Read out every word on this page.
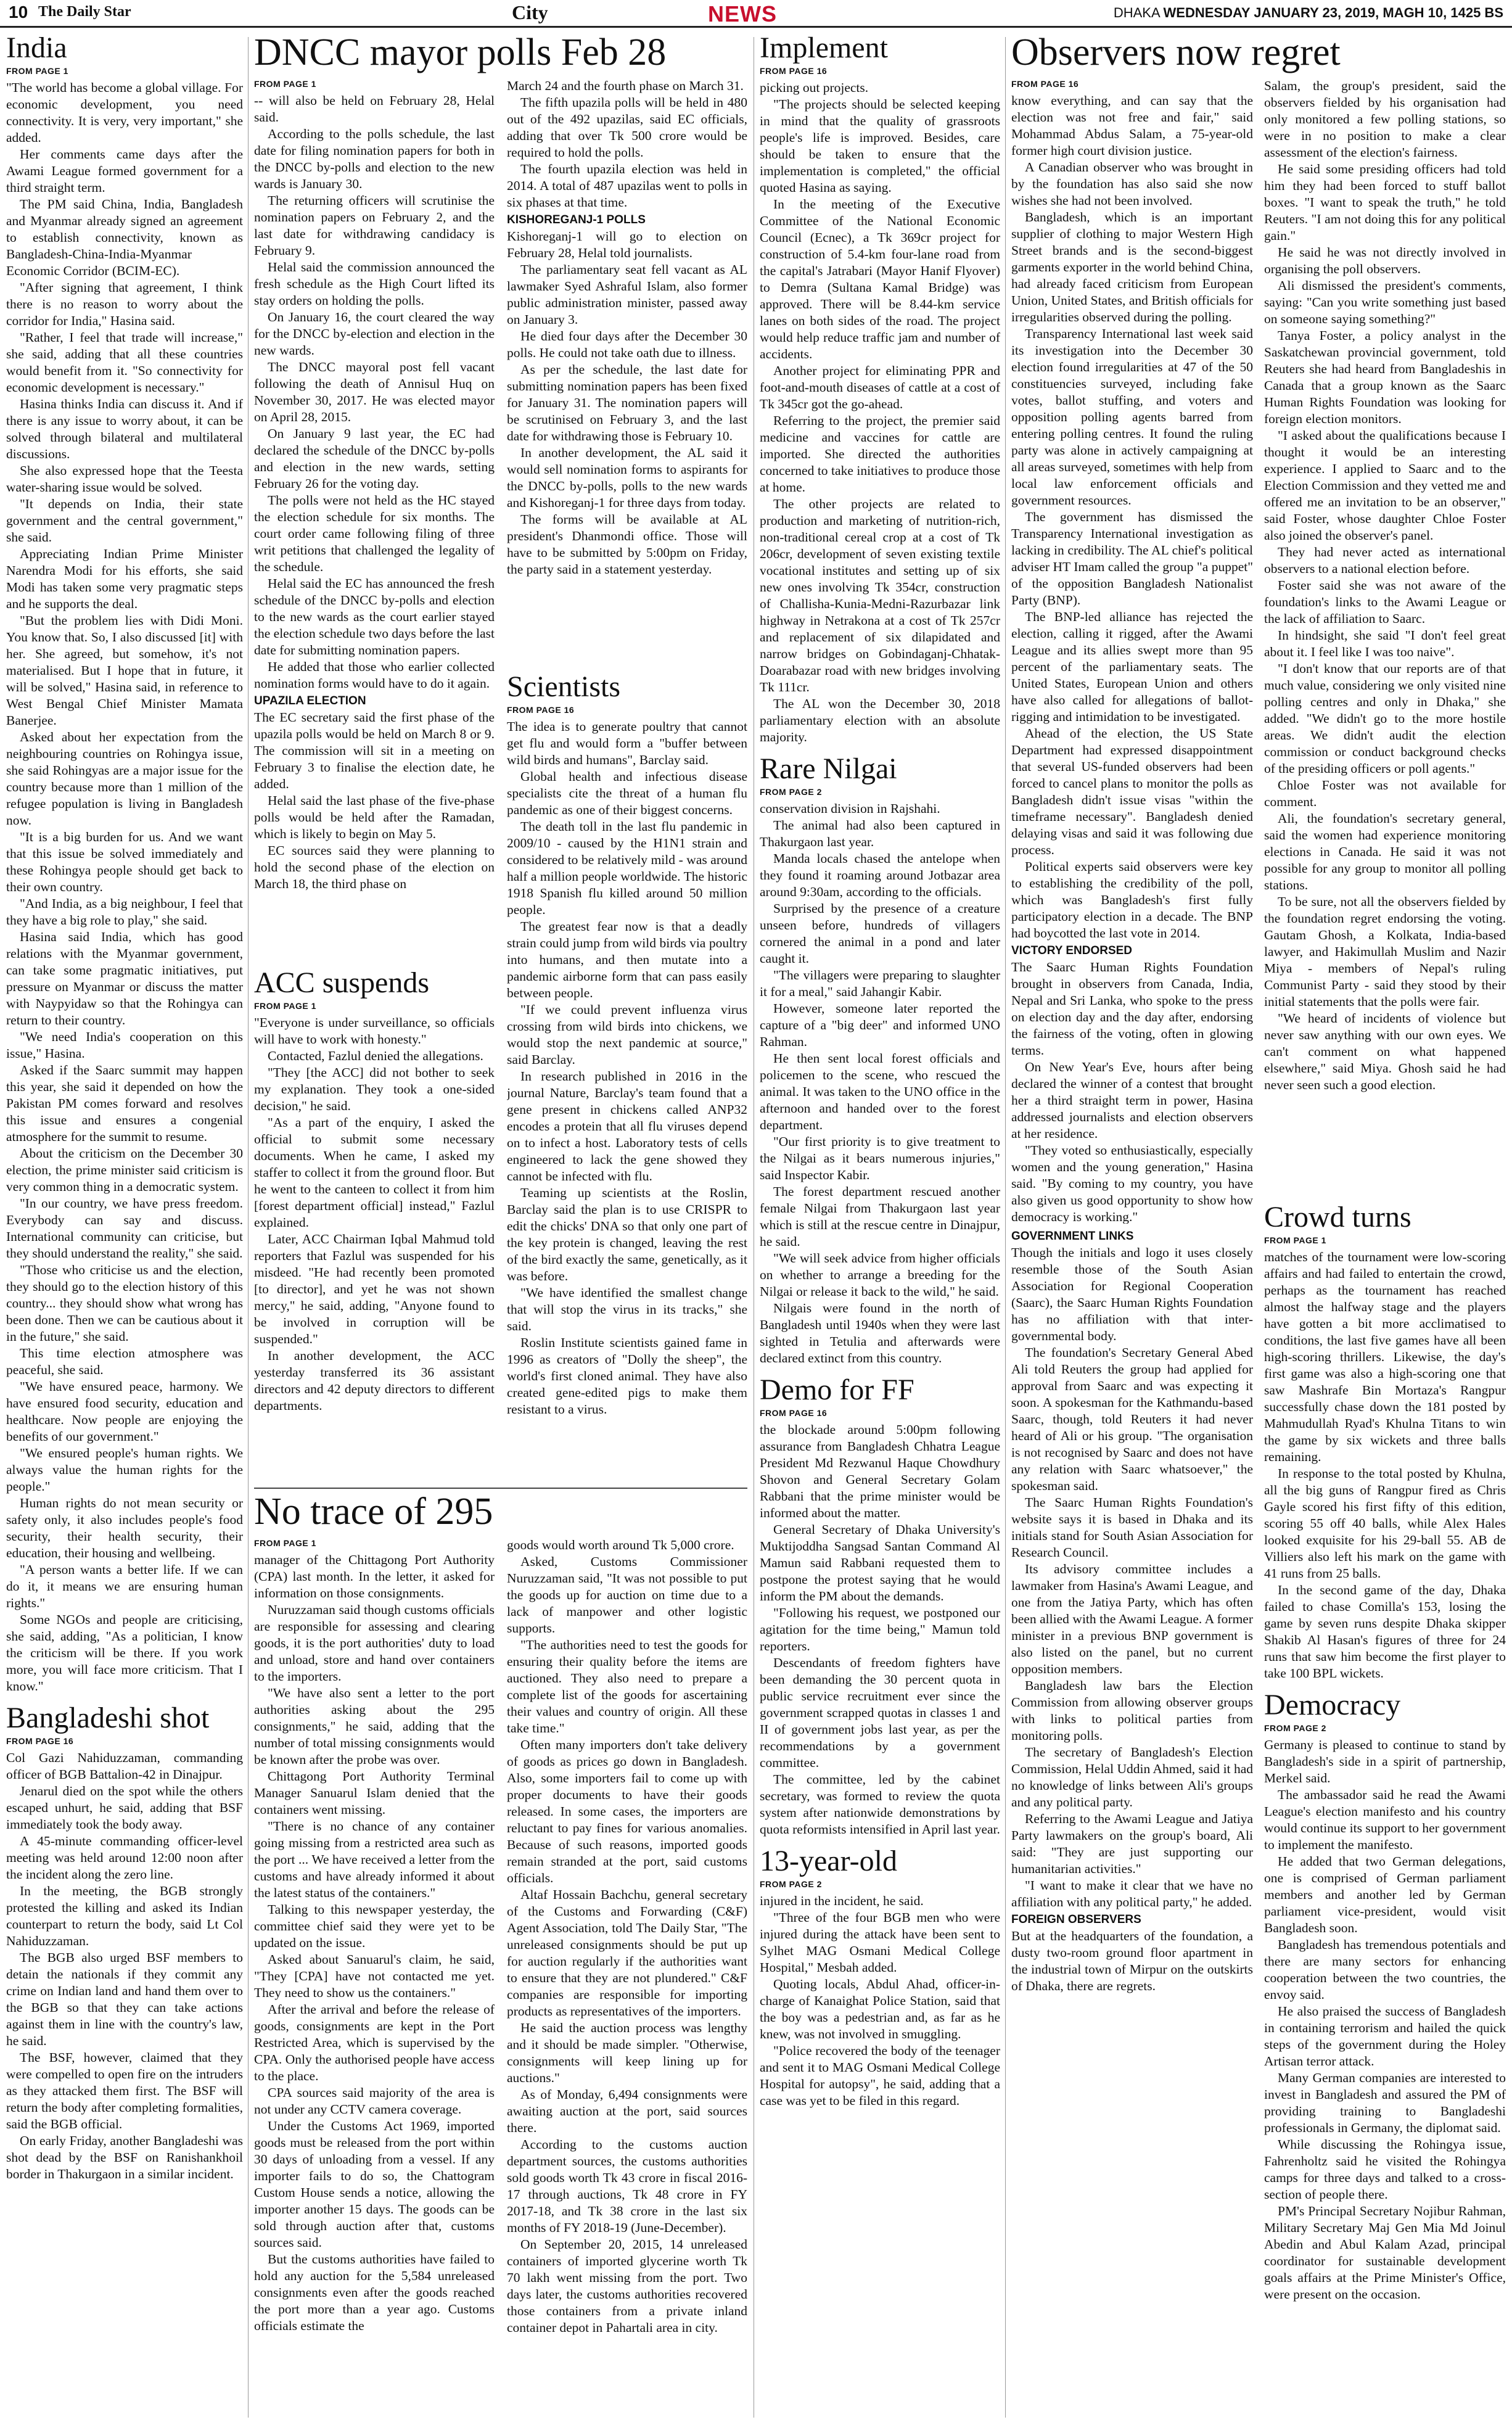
10 The Daily Star	City	NEWS	DHAKA WEDNESDAY JANUARY 23, 2019, MAGH 10, 1425 BS
India
FROM PAGE 1

"The world has become a global village. For economic development, you need connectivity. It is very, very important," she added.

Her comments came days after the Awami League formed government for a third straight term.

The PM said China, India, Bangladesh and Myanmar already signed an agreement to establish connectivity, known as Bangladesh-China-India-Myanmar Economic Corridor (BCIM-EC).

"After signing that agreement, I think there is no reason to worry about the corridor for India," Hasina said.

"Rather, I feel that trade will increase," she said, adding that all these countries would benefit from it. "So connectivity for economic development is necessary."

Hasina thinks India can discuss it. And if there is any issue to worry about, it can be solved through bilateral and multilateral discussions.

She also expressed hope that the Teesta water-sharing issue would be solved.

"It depends on India, their state government and the central government," she said.

Appreciating Indian Prime Minister Narendra Modi for his efforts, she said Modi has taken some very pragmatic steps and he supports the deal.

"But the problem lies with Didi Moni. You know that. So, I also discussed [it] with her. She agreed, but somehow, it's not materialised. But I hope that in future, it will be solved," Hasina said, in reference to West Bengal Chief Minister Mamata Banerjee.

Asked about her expectation from the neighbouring countries on Rohingya issue, she said Rohingyas are a major issue for the country because more than 1 million of the refugee population is living in Bangladesh now.

"It is a big burden for us. And we want that this issue be solved immediately and these Rohingya people should get back to their own country.

"And India, as a big neighbour, I feel that they have a big role to play," she said.

Hasina said India, which has good relations with the Myanmar government, can take some pragmatic initiatives, put pressure on Myanmar or discuss the matter with Naypyidaw so that the Rohingya can return to their country.

"We need India's cooperation on this issue," Hasina.

Asked if the Saarc summit may happen this year, she said it depended on how the Pakistan PM comes forward and resolves this issue and ensures a congenial atmosphere for the summit to resume.

About the criticism on the December 30 election, the prime minister said criticism is very common thing in a democratic system.

"In our country, we have press freedom. Everybody can say and discuss. International community can criticise, but they should understand the reality," she said.

"Those who criticise us and the election, they should go to the election history of this country... they should show what wrong has been done. Then we can be cautious about it in the future," she said.

This time election atmosphere was peaceful, she said.

"We have ensured peace, harmony. We have ensured food security, education and healthcare. Now people are enjoying the benefits of our government."

"We ensured people's human rights. We always value the human rights for the people."

Human rights do not mean security or safety only, it also includes people's food security, their health security, their education, their housing and wellbeing.

"A person wants a better life. If we can do it, it means we are ensuring human rights."

Some NGOs and people are criticising, she said, adding, "As a politician, I know the criticism will be there. If you work more, you will face more criticism. That I know."

Bangladeshi shot
FROM PAGE 16

Col Gazi Nahiduzzaman, commanding officer of BGB Battalion-42 in Dinajpur.

Jenarul died on the spot while the others escaped unhurt, he said, adding that BSF immediately took the body away.

A 45-minute commanding officer-level meeting was held around 12:00 noon after the incident along the zero line.

In the meeting, the BGB strongly protested the killing and asked its Indian counterpart to return the body, said Lt Col Nahiduzzaman.

The BGB also urged BSF members to detain the nationals if they commit any crime on Indian land and hand them over to the BGB so that they can take actions against them in line with the country's law, he said.

The BSF, however, claimed that they were compelled to open fire on the intruders as they attacked them first. The BSF will return the body after completing formalities, said the BGB official.

On early Friday, another Bangladeshi was shot dead by the BSF on Ranishankhoil border in Thakurgaon in a similar incident.

DNCC mayor polls Feb 28
FROM PAGE 1

-- will also be held on February 28, Helal said.

According to the polls schedule, the last date for filing nomination papers for both in the DNCC by-polls and election to the new wards is January 30.

The returning officers will scrutinise the nomination papers on February 2, and the last date for withdrawing candidacy is February 9.

Helal said the commission announced the fresh schedule as the High Court lifted its stay orders on holding the polls.

On January 16, the court cleared the way for the DNCC by-election and election in the new wards.

The DNCC mayoral post fell vacant following the death of Annisul Huq on November 30, 2017. He was elected mayor on April 28, 2015.

On January 9 last year, the EC had declared the schedule of the DNCC by-polls and election in the new wards, setting February 26 for the voting day.

The polls were not held as the HC stayed the election schedule for six months. The court order came following filing of three writ petitions that challenged the legality of the schedule.

Helal said the EC has announced the fresh schedule of the DNCC by-polls and election to the new wards as the court earlier stayed the election schedule two days before the last date for submitting nomination papers.

He added that those who earlier collected nomination forms would have to do it again.

UPAZILA ELECTION

The EC secretary said the first phase of the upazila polls would be held on March 8 or 9. The commission will sit in a meeting on February 3 to finalise the election date, he added.

Helal said the last phase of the five-phase polls would be held after the Ramadan, which is likely to begin on May 5.

EC sources said they were planning to hold the second phase of the election on March 18, the third phase on

March 24 and the fourth phase on March 31.

The fifth upazila polls will be held in 480 out of the 492 upazilas, said EC officials, adding that over Tk 500 crore would be required to hold the polls.

The fourth upazila election was held in 2014. A total of 487 upazilas went to polls in six phases at that time.

KISHOREGANJ-1 POLLS

Kishoreganj-1 will go to election on February 28, Helal told journalists.

The parliamentary seat fell vacant as AL lawmaker Syed Ashraful Islam, also former public administration minister, passed away on January 3.

He died four days after the December 30 polls. He could not take oath due to illness.

As per the schedule, the last date for submitting nomination papers has been fixed for January 31. The nomination papers will be scrutinised on February 3, and the last date for withdrawing those is February 10.

In another development, the AL said it would sell nomination forms to aspirants for the DNCC by-polls, polls to the new wards and Kishoreganj-1 for three days from today.

The forms will be available at AL president's Dhanmondi office. Those will have to be submitted by 5:00pm on Friday, the party said in a statement yesterday.

ACC suspends
FROM PAGE 1

"Everyone is under surveillance, so officials will have to work with honesty."

Contacted, Fazlul denied the allegations.

"They [the ACC] did not bother to seek my explanation. They took a one-sided decision," he said.

"As a part of the enquiry, I asked the official to submit some necessary documents. When he came, I asked my staffer to collect it from the ground floor. But he went to the canteen to collect it from him [forest department official] instead," Fazlul explained.

Later, ACC Chairman Iqbal Mahmud told reporters that Fazlul was suspended for his misdeed. "He had recently been promoted [to director], and yet he was not shown mercy," he said, adding, "Anyone found to be involved in corruption will be suspended."

In another development, the ACC yesterday transferred its 36 assistant directors and 42 deputy directors to different departments.

Scientists
FROM PAGE 16

The idea is to generate poultry that cannot get flu and would form a "buffer between wild birds and humans", Barclay said.

Global health and infectious disease specialists cite the threat of a human flu pandemic as one of their biggest concerns.

The death toll in the last flu pandemic in 2009/10 - caused by the H1N1 strain and considered to be relatively mild - was around half a million people worldwide. The historic 1918 Spanish flu killed around 50 million people.

The greatest fear now is that a deadly strain could jump from wild birds via poultry into humans, and then mutate into a pandemic airborne form that can pass easily between people.

"If we could prevent influenza virus crossing from wild birds into chickens, we would stop the next pandemic at source," said Barclay.

In research published in 2016 in the journal Nature, Barclay's team found that a gene present in chickens called ANP32 encodes a protein that all flu viruses depend on to infect a host. Laboratory tests of cells engineered to lack the gene showed they cannot be infected with flu.

Teaming up scientists at the Roslin, Barclay said the plan is to use CRISPR to edit the chicks' DNA so that only one part of the key protein is changed, leaving the rest of the bird exactly the same, genetically, as it was before.

"We have identified the smallest change that will stop the virus in its tracks," she said.

Roslin Institute scientists gained fame in 1996 as creators of "Dolly the sheep", the world's first cloned animal. They have also created gene-edited pigs to make them resistant to a virus.

No trace of 295
FROM PAGE 1

manager of the Chittagong Port Authority (CPA) last month. In the letter, it asked for information on those consignments.

Nuruzzaman said though customs officials are responsible for assessing and clearing goods, it is the port authorities' duty to load and unload, store and hand over containers to the importers.

"We have also sent a letter to the port authorities asking about the 295 consignments," he said, adding that the number of total missing consignments would be known after the probe was over.

Chittagong Port Authority Terminal Manager Sanuarul Islam denied that the containers went missing.

"There is no chance of any container going missing from a restricted area such as the port ... We have received a letter from the customs and have already informed it about the latest status of the containers."

Talking to this newspaper yesterday, the committee chief said they were yet to be updated on the issue.

Asked about Sanuarul's claim, he said, "They [CPA] have not contacted me yet. They need to show us the containers."

After the arrival and before the release of goods, consignments are kept in the Port Restricted Area, which is supervised by the CPA. Only the authorised people have access to the place.

CPA sources said majority of the area is not under any CCTV camera coverage.

Under the Customs Act 1969, imported goods must be released from the port within 30 days of unloading from a vessel. If any importer fails to do so, the Chattogram Custom House sends a notice, allowing the importer another 15 days. The goods can be sold through auction after that, customs sources said.

But the customs authorities have failed to hold any auction for the 5,584 unreleased consignments even after the goods reached the port more than a year ago. Customs officials estimate the

goods would worth around Tk 5,000 crore.

Asked, Customs Commissioner Nuruzzaman said, "It was not possible to put the goods up for auction on time due to a lack of manpower and other logistic supports.

"The authorities need to test the goods for ensuring their quality before the items are auctioned. They also need to prepare a complete list of the goods for ascertaining their values and country of origin. All these take time."

Often many importers don't take delivery of goods as prices go down in Bangladesh. Also, some importers fail to come up with proper documents to have their goods released. In some cases, the importers are reluctant to pay fines for various anomalies. Because of such reasons, imported goods remain stranded at the port, said customs officials.

Altaf Hossain Bachchu, general secretary of the Customs and Forwarding (C&F) Agent Association, told The Daily Star, "The unreleased consignments should be put up for auction regularly if the authorities want to ensure that they are not plundered." C&F companies are responsible for importing products as representatives of the importers.

He said the auction process was lengthy and it should be made simpler. "Otherwise, consignments will keep lining up for auctions."

As of Monday, 6,494 consignments were awaiting auction at the port, said sources there.

According to the customs auction department sources, the customs authorities sold goods worth Tk 43 crore in fiscal 2016-17 through auctions, Tk 48 crore in FY 2017-18, and Tk 38 crore in the last six months of FY 2018-19 (June-December).

On September 20, 2015, 14 unreleased containers of imported glycerine worth Tk 70 lakh went missing from the port. Two days later, the customs authorities recovered those containers from a private inland container depot in Pahartali area in city.

Implement
FROM PAGE 16

picking out projects.

"The projects should be selected keeping in mind that the quality of grassroots people's life is improved. Besides, care should be taken to ensure that the implementation is completed," the official quoted Hasina as saying.

In the meeting of the Executive Committee of the National Economic Council (Ecnec), a Tk 369cr project for construction of 5.4-km four-lane road from the capital's Jatrabari (Mayor Hanif Flyover) to Demra (Sultana Kamal Bridge) was approved. There will be 8.44-km service lanes on both sides of the road. The project would help reduce traffic jam and number of accidents.

Another project for eliminating PPR and foot-and-mouth diseases of cattle at a cost of Tk 345cr got the go-ahead.

Referring to the project, the premier said medicine and vaccines for cattle are imported. She directed the authorities concerned to take initiatives to produce those at home.

The other projects are related to production and marketing of nutrition-rich, non-traditional cereal crop at a cost of Tk 206cr, development of seven existing textile vocational institutes and setting up of six new ones involving Tk 354cr, construction of Challisha-Kunia-Medni-Razurbazar link highway in Netrakona at a cost of Tk 257cr and replacement of six dilapidated and narrow bridges on Gobindaganj-Chhatak-Doarabazar road with new bridges involving Tk 111cr.

The AL won the December 30, 2018 parliamentary election with an absolute majority.

Rare Nilgai
FROM PAGE 2

conservation division in Rajshahi.

The animal had also been captured in Thakurgaon last year.

Manda locals chased the antelope when they found it roaming around Jotbazar area around 9:30am, according to the officials.

Surprised by the presence of a creature unseen before, hundreds of villagers cornered the animal in a pond and later caught it.

"The villagers were preparing to slaughter it for a meal," said Jahangir Kabir.

However, someone later reported the capture of a "big deer" and informed UNO Rahman.

He then sent local forest officials and policemen to the scene, who rescued the animal. It was taken to the UNO office in the afternoon and handed over to the forest department.

"Our first priority is to give treatment to the Nilgai as it bears numerous injuries," said Inspector Kabir.

The forest department rescued another female Nilgai from Thakurgaon last year which is still at the rescue centre in Dinajpur, he said.

"We will seek advice from higher officials on whether to arrange a breeding for the Nilgai or release it back to the wild," he said.

Nilgais were found in the north of Bangladesh until 1940s when they were last sighted in Tetulia and afterwards were declared extinct from this country.

Demo for FF
FROM PAGE 16

the blockade around 5:00pm following assurance from Bangladesh Chhatra League President Md Rezwanul Haque Chowdhury Shovon and General Secretary Golam Rabbani that the prime minister would be informed about the matter.

General Secretary of Dhaka University's Muktijoddha Sangsad Santan Command Al Mamun said Rabbani requested them to postpone the protest saying that he would inform the PM about the demands.

"Following his request, we postponed our agitation for the time being," Mamun told reporters.

Descendants of freedom fighters have been demanding the 30 percent quota in public service recruitment ever since the government scrapped quotas in classes 1 and II of government jobs last year, as per the recommendations by a government committee.

The committee, led by the cabinet secretary, was formed to review the quota system after nationwide demonstrations by quota reformists intensified in April last year.

13-year-old
FROM PAGE 2

injured in the incident, he said.

"Three of the four BGB men who were injured during the attack have been sent to Sylhet MAG Osmani Medical College Hospital," Mesbah added.

Quoting locals, Abdul Ahad, officer-in-charge of Kanaighat Police Station, said that the boy was a pedestrian and, as far as he knew, was not involved in smuggling.

"Police recovered the body of the teenager and sent it to MAG Osmani Medical College Hospital for autopsy", he said, adding that a case was yet to be filed in this regard.

Observers now regret
FROM PAGE 16

know everything, and can say that the election was not free and fair," said Mohammad Abdus Salam, a 75-year-old former high court division justice.

A Canadian observer who was brought in by the foundation has also said she now wishes she had not been involved.

Bangladesh, which is an important supplier of clothing to major Western High Street brands and is the second-biggest garments exporter in the world behind China, had already faced criticism from European Union, United States, and British officials for irregularities observed during the polling.

Transparency International last week said its investigation into the December 30 election found irregularities at 47 of the 50 constituencies surveyed, including fake votes, ballot stuffing, and voters and opposition polling agents barred from entering polling centres. It found the ruling party was alone in actively campaigning at all areas surveyed, sometimes with help from local law enforcement officials and government resources.

The government has dismissed the Transparency International investigation as lacking in credibility. The AL chief's political adviser HT Imam called the group "a puppet" of the opposition Bangladesh Nationalist Party (BNP).

The BNP-led alliance has rejected the election, calling it rigged, after the Awami League and its allies swept more than 95 percent of the parliamentary seats. The United States, European Union and others have also called for allegations of ballot-rigging and intimidation to be investigated.

Ahead of the election, the US State Department had expressed disappointment that several US-funded observers had been forced to cancel plans to monitor the polls as Bangladesh didn't issue visas "within the timeframe necessary". Bangladesh denied delaying visas and said it was following due process.

Political experts said observers were key to establishing the credibility of the poll, which was Bangladesh's first fully participatory election in a decade. The BNP had boycotted the last vote in 2014.

VICTORY ENDORSED

The Saarc Human Rights Foundation brought in observers from Canada, India, Nepal and Sri Lanka, who spoke to the press on election day and the day after, endorsing the fairness of the voting, often in glowing terms.

On New Year's Eve, hours after being declared the winner of a contest that brought her a third straight term in power, Hasina addressed journalists and election observers at her residence.

"They voted so enthusiastically, especially women and the young generation," Hasina said. "By coming to my country, you have also given us good opportunity to show how democracy is working."

Salam, the group's president, said the observers fielded by his organisation had only monitored a few polling stations, so were in no position to make a clear assessment of the election's fairness.

He said some presiding officers had told him they had been forced to stuff ballot boxes. "I want to speak the truth," he told Reuters. "I am not doing this for any political gain."

He said he was not directly involved in organising the poll observers.

Ali dismissed the president's comments, saying: "Can you write something just based on someone saying something?"

Tanya Foster, a policy analyst in the Saskatchewan provincial government, told Reuters she had heard from Bangladeshis in Canada that a group known as the Saarc Human Rights Foundation was looking for foreign election monitors.

"I asked about the qualifications because I thought it would be an interesting experience. I applied to Saarc and to the Election Commission and they vetted me and offered me an invitation to be an observer," said Foster, whose daughter Chloe Foster also joined the observer's panel.

They had never acted as international observers to a national election before.

Foster said she was not aware of the foundation's links to the Awami League or the lack of affiliation to Saarc.

In hindsight, she said "I don't feel great about it. I feel like I was too naive".

"I don't know that our reports are of that much value, considering we only visited nine polling centres and only in Dhaka," she added. "We didn't go to the more hostile areas. We didn't audit the election commission or conduct background checks of the presiding officers or poll agents."

Chloe Foster was not available for comment.

Ali, the foundation's secretary general, said the women had experience monitoring elections in Canada. He said it was not possible for any group to monitor all polling stations.

To be sure, not all the observers fielded by the foundation regret endorsing the voting. Gautam Ghosh, a Kolkata, India-based lawyer, and Hakimullah Muslim and Nazir Miya - members of Nepal's ruling Communist Party - said they stood by their initial statements that the polls were fair.

"We heard of incidents of violence but never saw anything with our own eyes. We can't comment on what happened elsewhere," said Miya. Ghosh said he had never seen such a good election.

GOVERNMENT LINKS

Though the initials and logo it uses closely resemble those of the South Asian Association for Regional Cooperation (Saarc), the Saarc Human Rights Foundation has no affiliation with that inter-governmental body.

The foundation's Secretary General Abed Ali told Reuters the group had applied for approval from Saarc and was expecting it soon. A spokesman for the Kathmandu-based Saarc, though, told Reuters it had never heard of Ali or his group. "The organisation is not recognised by Saarc and does not have any relation with Saarc whatsoever," the spokesman said.

The Saarc Human Rights Foundation's website says it is based in Dhaka and its initials stand for South Asian Association for Research Council.

Its advisory committee includes a lawmaker from Hasina's Awami League, and one from the Jatiya Party, which has often been allied with the Awami League. A former minister in a previous BNP government is also listed on the panel, but no current opposition members.

Bangladesh law bars the Election Commission from allowing observer groups with links to political parties from monitoring polls.

The secretary of Bangladesh's Election Commission, Helal Uddin Ahmed, said it had no knowledge of links between Ali's groups and any political party.

Referring to the Awami League and Jatiya Party lawmakers on the group's board, Ali said: "They are just supporting our humanitarian activities."

"I want to make it clear that we have no affiliation with any political party," he added.

FOREIGN OBSERVERS

But at the headquarters of the foundation, a dusty two-room ground floor apartment in the industrial town of Mirpur on the outskirts of Dhaka, there are regrets.

Crowd turns
FROM PAGE 1

matches of the tournament were low-scoring affairs and had failed to entertain the crowd, perhaps as the tournament has reached almost the halfway stage and the players have gotten a bit more acclimatised to conditions, the last five games have all been high-scoring thrillers. Likewise, the day's first game was also a high-scoring one that saw Mashrafe Bin Mortaza's Rangpur successfully chase down the 181 posted by Mahmudullah Ryad's Khulna Titans to win the game by six wickets and three balls remaining.

In response to the total posted by Khulna, all the big guns of Rangpur fired as Chris Gayle scored his first fifty of this edition, scoring 55 off 40 balls, while Alex Hales looked exquisite for his 29-ball 55. AB de Villiers also left his mark on the game with 41 runs from 25 balls.

In the second game of the day, Dhaka failed to chase Comilla's 153, losing the game by seven runs despite Dhaka skipper Shakib Al Hasan's figures of three for 24 runs that saw him become the first player to take 100 BPL wickets.

Democracy
FROM PAGE 2

Germany is pleased to continue to stand by Bangladesh's side in a spirit of partnership, Merkel said.

The ambassador said he read the Awami League's election manifesto and his country would continue its support to her government to implement the manifesto.

He added that two German delegations, one is comprised of German parliament members and another led by German parliament vice-president, would visit Bangladesh soon.

Bangladesh has tremendous potentials and there are many sectors for enhancing cooperation between the two countries, the envoy said.

He also praised the success of Bangladesh in containing terrorism and hailed the quick steps of the government during the Holey Artisan terror attack.

Many German companies are interested to invest in Bangladesh and assured the PM of providing training to Bangladeshi professionals in Germany, the diplomat said.

While discussing the Rohingya issue, Fahrenholtz said he visited the Rohingya camps for three days and talked to a cross-section of people there.

PM's Principal Secretary Nojibur Rahman, Military Secretary Maj Gen Mia Md Joinul Abedin and Abul Kalam Azad, principal coordinator for sustainable development goals affairs at the Prime Minister's Office, were present on the occasion.
